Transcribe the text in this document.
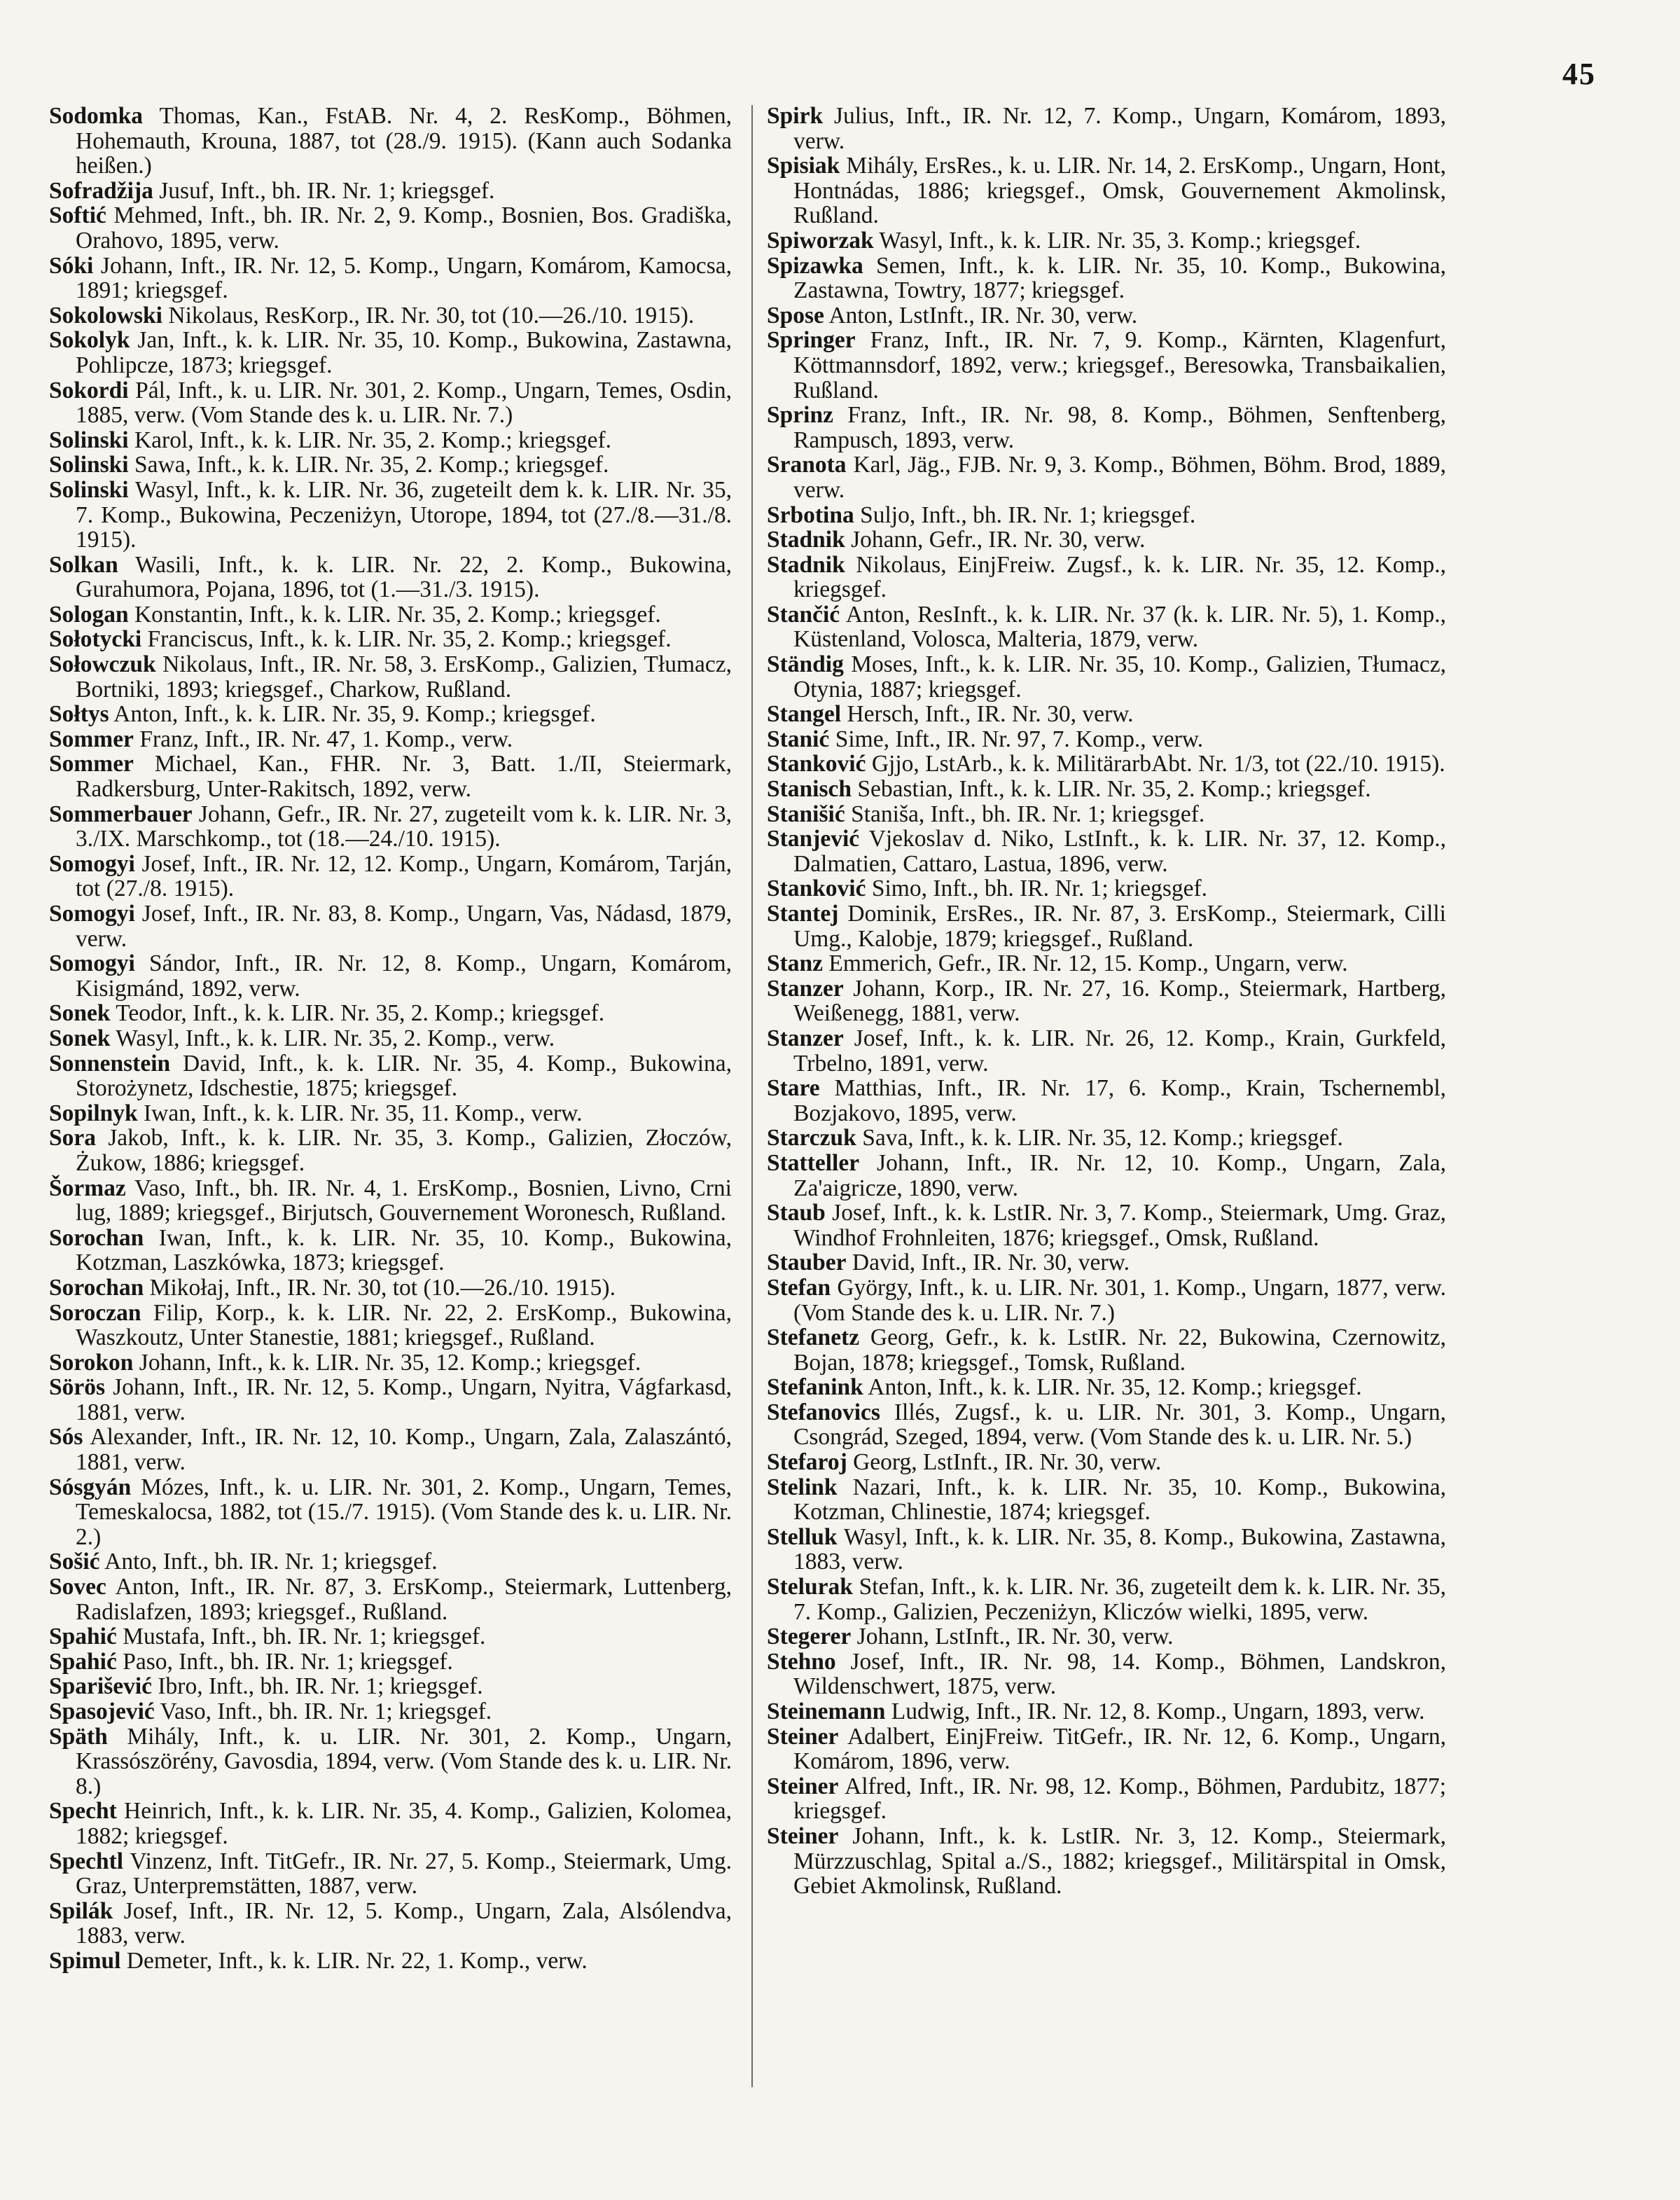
45

Sodomka Thomas, Kan., FstAB. Nr. 4, 2. ResKomp., Böhmen, Hohemauth, Krouna, 1887, tot (28./9. 1915). (Kann auch Sodanka heißen.)

Sofradžija Jusuf, Inft., bh. IR. Nr. 1; kriegsgef.

Softić Mehmed, Inft., bh. IR. Nr. 2, 9. Komp., Bosnien, Bos. Gradiška, Orahovo, 1895, verw.

Sóki Johann, Inft., IR. Nr. 12, 5. Komp., Ungarn, Komárom, Kamocsa, 1891; kriegsgef.

Sokolowski Nikolaus, ResKorp., IR. Nr. 30, tot (10.—26./10. 1915).

Sokolyk Jan, Inft., k. k. LIR. Nr. 35, 10. Komp., Bukowina, Zastawna, Pohlipcze, 1873; kriegsgef.

Sokordi Pál, Inft., k. u. LIR. Nr. 301, 2. Komp., Ungarn, Temes, Osdin, 1885, verw. (Vom Stande des k. u. LIR. Nr. 7.)

Solinski Karol, Inft., k. k. LIR. Nr. 35, 2. Komp.; kriegsgef.

Solinski Sawa, Inft., k. k. LIR. Nr. 35, 2. Komp.; kriegsgef.

Solinski Wasyl, Inft., k. k. LIR. Nr. 36, zugeteilt dem k. k. LIR. Nr. 35, 7. Komp., Bukowina, Peczeniżyn, Utorope, 1894, tot (27./8.—31./8. 1915).

Solkan Wasili, Inft., k. k. LIR. Nr. 22, 2. Komp., Bukowina, Gurahumora, Pojana, 1896, tot (1.—31./3. 1915).

Sologan Konstantin, Inft., k. k. LIR. Nr. 35, 2. Komp.; kriegsgef.

Sołotycki Franciscus, Inft., k. k. LIR. Nr. 35, 2. Komp.; kriegsgef.

Sołowczuk Nikolaus, Inft., IR. Nr. 58, 3. ErsKomp., Galizien, Tłumacz, Bortniki, 1893; kriegsgef., Charkow, Rußland.

Sołtys Anton, Inft., k. k. LIR. Nr. 35, 9. Komp.; kriegsgef.

Sommer Franz, Inft., IR. Nr. 47, 1. Komp., verw.

Sommer Michael, Kan., FHR. Nr. 3, Batt. 1./II, Steiermark, Radkersburg, Unter-Rakitsch, 1892, verw.

Sommerbauer Johann, Gefr., IR. Nr. 27, zugeteilt vom k. k. LIR. Nr. 3, 3./IX. Marschkomp., tot (18.—24./10. 1915).

Somogyi Josef, Inft., IR. Nr. 12, 12. Komp., Ungarn, Komárom, Tarján, tot (27./8. 1915).

Somogyi Josef, Inft., IR. Nr. 83, 8. Komp., Ungarn, Vas, Nádasd, 1879, verw.

Somogyi Sándor, Inft., IR. Nr. 12, 8. Komp., Ungarn, Komárom, Kisigmánd, 1892, verw.

Sonek Teodor, Inft., k. k. LIR. Nr. 35, 2. Komp.; kriegsgef.

Sonek Wasyl, Inft., k. k. LIR. Nr. 35, 2. Komp., verw.

Sonnenstein David, Inft., k. k. LIR. Nr. 35, 4. Komp., Bukowina, Storożynetz, Idschestie, 1875; kriegsgef.

Sopilnyk Iwan, Inft., k. k. LIR. Nr. 35, 11. Komp., verw.

Sora Jakob, Inft., k. k. LIR. Nr. 35, 3. Komp., Galizien, Złoczów, Żukow, 1886; kriegsgef.

Šormaz Vaso, Inft., bh. IR. Nr. 4, 1. ErsKomp., Bosnien, Livno, Crni lug, 1889; kriegsgef., Birjutsch, Gouvernement Woronesch, Rußland.

Sorochan Iwan, Inft., k. k. LIR. Nr. 35, 10. Komp., Bukowina, Kotzman, Laszkówka, 1873; kriegsgef.

Sorochan Mikołaj, Inft., IR. Nr. 30, tot (10.—26./10. 1915).

Soroczan Filip, Korp., k. k. LIR. Nr. 22, 2. ErsKomp., Bukowina, Waszkoutz, Unter Stanestie, 1881; kriegsgef., Rußland.

Sorokon Johann, Inft., k. k. LIR. Nr. 35, 12. Komp.; kriegsgef.

Sörös Johann, Inft., IR. Nr. 12, 5. Komp., Ungarn, Nyitra, Vágfarkasd, 1881, verw.

Sós Alexander, Inft., IR. Nr. 12, 10. Komp., Ungarn, Zala, Zalaszántó, 1881, verw.

Sósgyán Mózes, Inft., k. u. LIR. Nr. 301, 2. Komp., Ungarn, Temes, Temeskalocsa, 1882, tot (15./7. 1915). (Vom Stande des k. u. LIR. Nr. 2.)

Sošić Anto, Inft., bh. IR. Nr. 1; kriegsgef.

Sovec Anton, Inft., IR. Nr. 87, 3. ErsKomp., Steiermark, Luttenberg, Radislafzen, 1893; kriegsgef., Rußland.

Spahić Mustafa, Inft., bh. IR. Nr. 1; kriegsgef.

Spahić Paso, Inft., bh. IR. Nr. 1; kriegsgef.

Sparišević Ibro, Inft., bh. IR. Nr. 1; kriegsgef.

Spasojević Vaso, Inft., bh. IR. Nr. 1; kriegsgef.

Späth Mihály, Inft., k. u. LIR. Nr. 301, 2. Komp., Ungarn, Krassószörény, Gavosdia, 1894, verw. (Vom Stande des k. u. LIR. Nr. 8.)

Specht Heinrich, Inft., k. k. LIR. Nr. 35, 4. Komp., Galizien, Kolomea, 1882; kriegsgef.

Spechtl Vinzenz, Inft. TitGefr., IR. Nr. 27, 5. Komp., Steiermark, Umg. Graz, Unterpremstätten, 1887, verw.

Spilák Josef, Inft., IR. Nr. 12, 5. Komp., Ungarn, Zala, Alsólendva, 1883, verw.

Spimul Demeter, Inft., k. k. LIR. Nr. 22, 1. Komp., verw.

Spirk Julius, Inft., IR. Nr. 12, 7. Komp., Ungarn, Komárom, 1893, verw.

Spisiak Mihály, ErsRes., k. u. LIR. Nr. 14, 2. ErsKomp., Ungarn, Hont, Hontnádas, 1886; kriegsgef., Omsk, Gouvernement Akmolinsk, Rußland.

Spiworzak Wasyl, Inft., k. k. LIR. Nr. 35, 3. Komp.; kriegsgef.

Spizawka Semen, Inft., k. k. LIR. Nr. 35, 10. Komp., Bukowina, Zastawna, Towtry, 1877; kriegsgef.

Spose Anton, LstInft., IR. Nr. 30, verw.

Springer Franz, Inft., IR. Nr. 7, 9. Komp., Kärnten, Klagenfurt, Köttmannsdorf, 1892, verw.; kriegsgef., Beresowka, Transbaikalien, Rußland.

Sprinz Franz, Inft., IR. Nr. 98, 8. Komp., Böhmen, Senftenberg, Rampusch, 1893, verw.

Sranota Karl, Jäg., FJB. Nr. 9, 3. Komp., Böhmen, Böhm. Brod, 1889, verw.

Srbotina Suljo, Inft., bh. IR. Nr. 1; kriegsgef.

Stadnik Johann, Gefr., IR. Nr. 30, verw.

Stadnik Nikolaus, EinjFreiw. Zugsf., k. k. LIR. Nr. 35, 12. Komp., kriegsgef.

Stančić Anton, ResInft., k. k. LIR. Nr. 37 (k. k. LIR. Nr. 5), 1. Komp., Küstenland, Volosca, Malteria, 1879, verw.

Ständig Moses, Inft., k. k. LIR. Nr. 35, 10. Komp., Galizien, Tłumacz, Otynia, 1887; kriegsgef.

Stangel Hersch, Inft., IR. Nr. 30, verw.

Stanić Sime, Inft., IR. Nr. 97, 7. Komp., verw.

Stanković Gjjo, LstArb., k. k. MilitärarbAbt. Nr. 1/3, tot (22./10. 1915).

Stanisch Sebastian, Inft., k. k. LIR. Nr. 35, 2. Komp.; kriegsgef.

Stanišić Staniša, Inft., bh. IR. Nr. 1; kriegsgef.

Stanjević Vjekoslav d. Niko, LstInft., k. k. LIR. Nr. 37, 12. Komp., Dalmatien, Cattaro, Lastua, 1896, verw.

Stanković Simo, Inft., bh. IR. Nr. 1; kriegsgef.

Stantej Dominik, ErsRes., IR. Nr. 87, 3. ErsKomp., Steiermark, Cilli Umg., Kalobje, 1879; kriegsgef., Rußland.

Stanz Emmerich, Gefr., IR. Nr. 12, 15. Komp., Ungarn, verw.

Stanzer Johann, Korp., IR. Nr. 27, 16. Komp., Steiermark, Hartberg, Weißenegg, 1881, verw.

Stanzer Josef, Inft., k. k. LIR. Nr. 26, 12. Komp., Krain, Gurkfeld, Trbelno, 1891, verw.

Stare Matthias, Inft., IR. Nr. 17, 6. Komp., Krain, Tschernembl, Bozjakovo, 1895, verw.

Starczuk Sava, Inft., k. k. LIR. Nr. 35, 12. Komp.; kriegsgef.

Statteller Johann, Inft., IR. Nr. 12, 10. Komp., Ungarn, Zala, Za'aigricze, 1890, verw.

Staub Josef, Inft., k. k. LstIR. Nr. 3, 7. Komp., Steiermark, Umg. Graz, Windhof Frohnleiten, 1876; kriegsgef., Omsk, Rußland.

Stauber David, Inft., IR. Nr. 30, verw.

Stefan György, Inft., k. u. LIR. Nr. 301, 1. Komp., Ungarn, 1877, verw. (Vom Stande des k. u. LIR. Nr. 7.)

Stefanetz Georg, Gefr., k. k. LstIR. Nr. 22, Bukowina, Czernowitz, Bojan, 1878; kriegsgef., Tomsk, Rußland.

Stefanink Anton, Inft., k. k. LIR. Nr. 35, 12. Komp.; kriegsgef.

Stefanovics Illés, Zugsf., k. u. LIR. Nr. 301, 3. Komp., Ungarn, Csongrád, Szeged, 1894, verw. (Vom Stande des k. u. LIR. Nr. 5.)

Stefaroj Georg, LstInft., IR. Nr. 30, verw.

Stelink Nazari, Inft., k. k. LIR. Nr. 35, 10. Komp., Bukowina, Kotzman, Chlinestie, 1874; kriegsgef.

Stelluk Wasyl, Inft., k. k. LIR. Nr. 35, 8. Komp., Bukowina, Zastawna, 1883, verw.

Stelurak Stefan, Inft., k. k. LIR. Nr. 36, zugeteilt dem k. k. LIR. Nr. 35, 7. Komp., Galizien, Peczeniżyn, Kliczów wielki, 1895, verw.

Stegerer Johann, LstInft., IR. Nr. 30, verw.

Stehno Josef, Inft., IR. Nr. 98, 14. Komp., Böhmen, Landskron, Wildenschwert, 1875, verw.

Steinemann Ludwig, Inft., IR. Nr. 12, 8. Komp., Ungarn, 1893, verw.

Steiner Adalbert, EinjFreiw. TitGefr., IR. Nr. 12, 6. Komp., Ungarn, Komárom, 1896, verw.

Steiner Alfred, Inft., IR. Nr. 98, 12. Komp., Böhmen, Pardubitz, 1877; kriegsgef.

Steiner Johann, Inft., k. k. LstIR. Nr. 3, 12. Komp., Steiermark, Mürzzuschlag, Spital a./S., 1882; kriegsgef., Militärspital in Omsk, Gebiet Akmolinsk, Rußland.
